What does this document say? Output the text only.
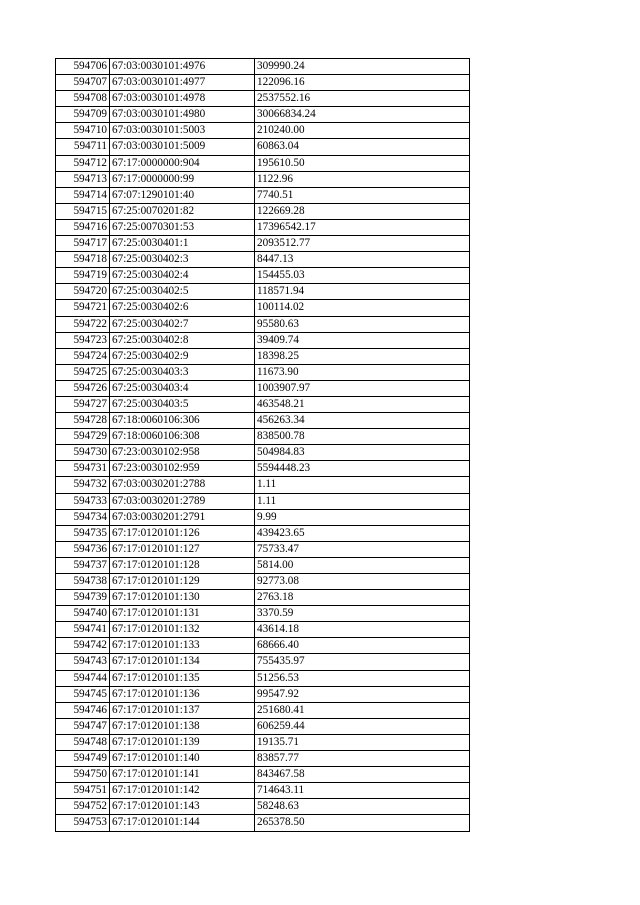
594706	67:03:0030101:4976	309990.24
594707	67:03:0030101:4977	122096.16
594708	67:03:0030101:4978	2537552.16
594709	67:03:0030101:4980	30066834.24
594710	67:03:0030101:5003	210240.00
594711	67:03:0030101:5009	60863.04
594712	67:17:0000000:904	195610.50
594713	67:17:0000000:99	1122.96
594714	67:07:1290101:40	7740.51
594715	67:25:0070201:82	122669.28
594716	67:25:0070301:53	17396542.17
594717	67:25:0030401:1	2093512.77
594718	67:25:0030402:3	8447.13
594719	67:25:0030402:4	154455.03
594720	67:25:0030402:5	118571.94
594721	67:25:0030402:6	100114.02
594722	67:25:0030402:7	95580.63
594723	67:25:0030402:8	39409.74
594724	67:25:0030402:9	18398.25
594725	67:25:0030403:3	11673.90
594726	67:25:0030403:4	1003907.97
594727	67:25:0030403:5	463548.21
594728	67:18:0060106:306	456263.34
594729	67:18:0060106:308	838500.78
594730	67:23:0030102:958	504984.83
594731	67:23:0030102:959	5594448.23
594732	67:03:0030201:2788	1.11
594733	67:03:0030201:2789	1.11
594734	67:03:0030201:2791	9.99
594735	67:17:0120101:126	439423.65
594736	67:17:0120101:127	75733.47
594737	67:17:0120101:128	5814.00
594738	67:17:0120101:129	92773.08
594739	67:17:0120101:130	2763.18
594740	67:17:0120101:131	3370.59
594741	67:17:0120101:132	43614.18
594742	67:17:0120101:133	68666.40
594743	67:17:0120101:134	755435.97
594744	67:17:0120101:135	51256.53
594745	67:17:0120101:136	99547.92
594746	67:17:0120101:137	251680.41
594747	67:17:0120101:138	606259.44
594748	67:17:0120101:139	19135.71
594749	67:17:0120101:140	83857.77
594750	67:17:0120101:141	843467.58
594751	67:17:0120101:142	714643.11
594752	67:17:0120101:143	58248.63
594753	67:17:0120101:144	265378.50
